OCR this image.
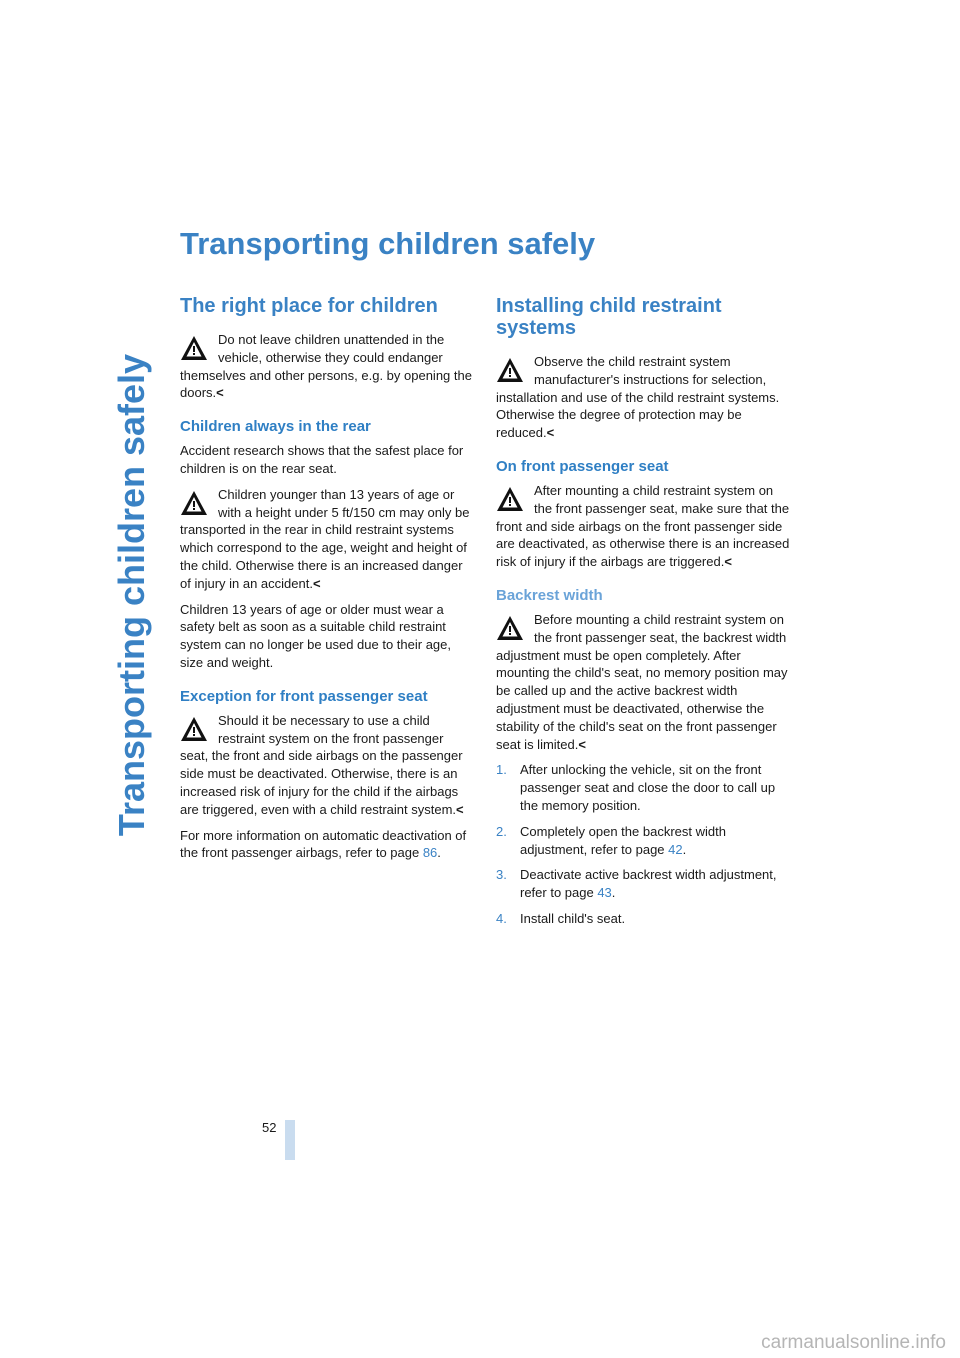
Transporting children safely
Transporting children safely
The right place for children
Do not leave children unattended in the vehicle, otherwise they could endanger themselves and other persons, e.g. by opening the doors.<
Children always in the rear

Accident research shows that the safest place for children is on the rear seat.

Children younger than 13 years of age or with a height under 5 ft/150 cm may only be transported in the rear in child restraint systems which correspond to the age, weight and height of the child. Otherwise there is an increased danger of injury in an accident.<

Children 13 years of age or older must wear a safety belt as soon as a suitable child restraint system can no longer be used due to their age, size and weight.

Exception for front passenger seat
Should it be necessary to use a child restraint system on the front passenger seat, the front and side airbags on the passenger side must be deactivated. Otherwise, there is an increased risk of injury for the child if the airbags are triggered, even with a child restraint system.<

For more information on automatic deactivation of the front passenger airbags, refer to page 86.

Installing child restraint systems
Observe the child restraint system manufacturer's instructions for selection, installation and use of the child restraint systems. Otherwise the degree of protection may be reduced.<
On front passenger seat
After mounting a child restraint system on the front passenger seat, make sure that the front and side airbags on the front passenger side are deactivated, as otherwise there is an increased risk of injury if the airbags are triggered.<
Backrest width
Before mounting a child restraint system on the front passenger seat, the backrest width adjustment must be open completely. After mounting the child's seat, no memory position may be called up and the active backrest width adjustment must be deactivated, otherwise the stability of the child's seat on the front passenger seat is limited.<
1. After unlocking the vehicle, sit on the front passenger seat and close the door to call up the memory position.
2. Completely open the backrest width adjustment, refer to page 42.
3. Deactivate active backrest width adjustment, refer to page 43.
4. Install child's seat.
52
carmanualsonline.info
